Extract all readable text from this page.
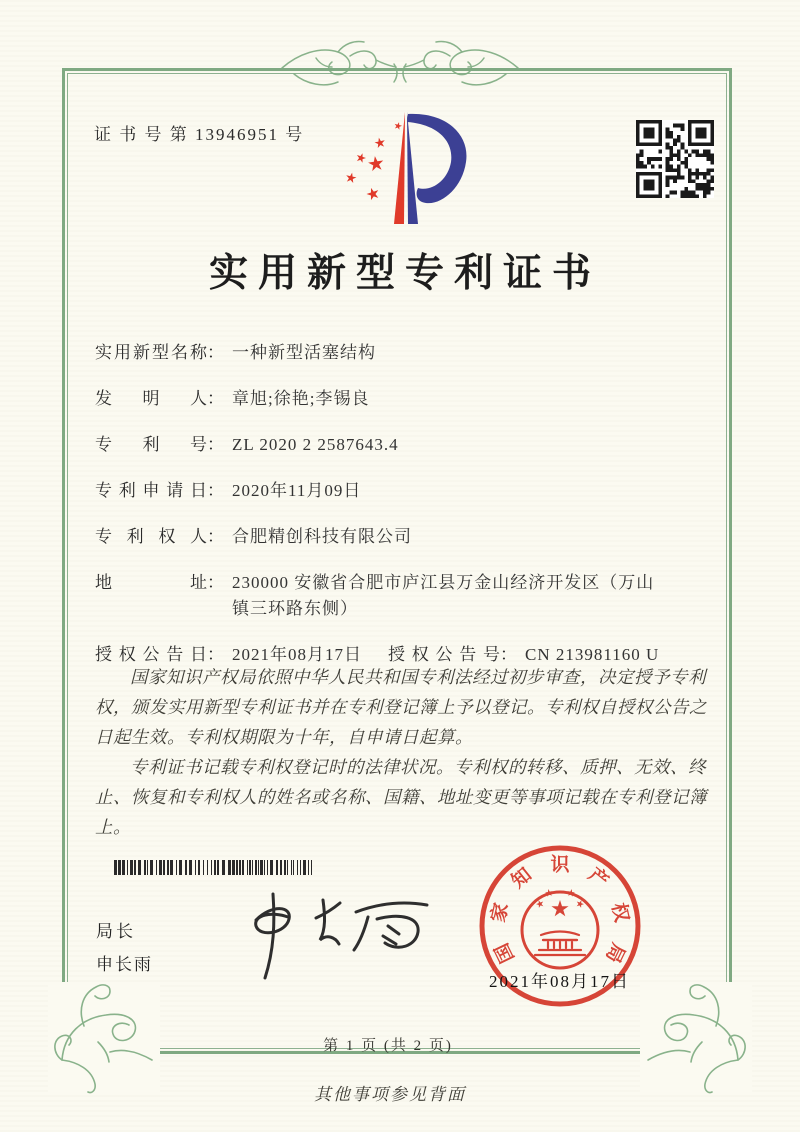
证 书 号 第 13946951 号
实用新型专利证书
实用新型名称： 一种新型活塞结构
发明人： 章旭;徐艳;李锡良
专利号： ZL 2020 2 2587643.4
专利申请日： 2020年11月09日
专利权人： 合肥精创科技有限公司
地址： 230000 安徽省合肥市庐江县万金山经济开发区（万山镇三环路东侧）
授权公告日： 2021年08月17日	授权公告号： CN 213981160 U

国家知识产权局依照中华人民共和国专利法经过初步审查，决定授予专利权，颁发实用新型专利证书并在专利登记簿上予以登记。专利权自授权公告之日起生效。专利权期限为十年，自申请日起算。

专利证书记载专利权登记时的法律状况。专利权的转移、质押、无效、终止、恢复和专利权人的姓名或名称、国籍、地址变更等事项记载在专利登记簿上。

局长
申长雨	国
家
知 识 产
权
局
2021年08月17日
第 1 页 (共 2 页)
其他事项参见背面
